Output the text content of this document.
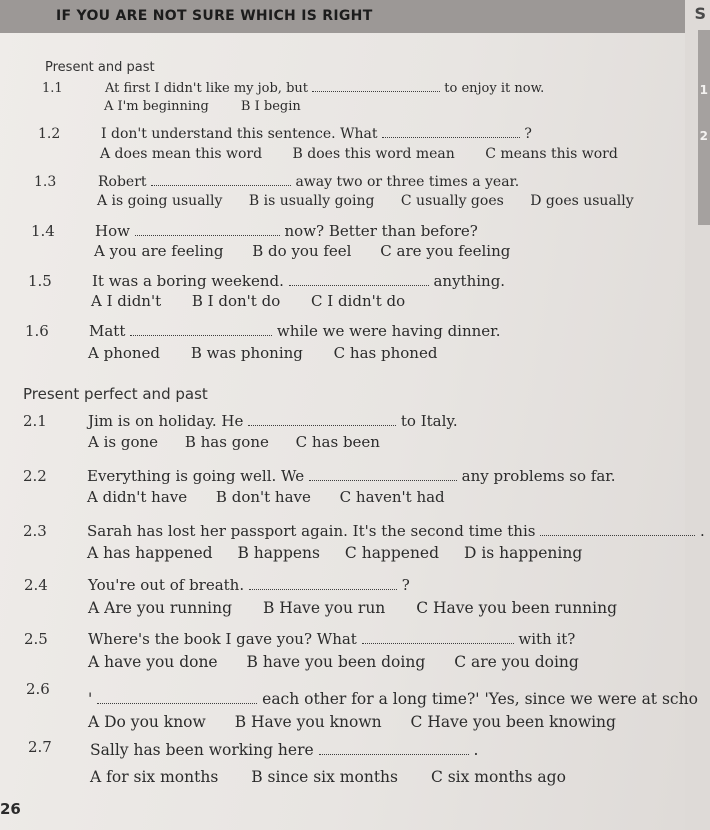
IF YOU ARE NOT SURE WHICH IS RIGHT	S
1
2
Present and past
1.1	At first I didn't like my job, but	to enjoy it now.
A I'm beginning B I begin
1.2	I don't understand this sentence. What	?
A does mean this word B does this word mean C means this word
1.3	Robert	away two or three times a year.
A is going usually B is usually going C usually goes D goes usually
1.4	How	now? Better than before?
A you are feeling B do you feel C are you feeling
1.5	It was a boring weekend.	anything.
A I didn't B I don't do C I didn't do
1.6	Matt	while we were having dinner.
A phoned B was phoning C has phoned
Present perfect and past
2.1	Jim is on holiday. He	to Italy.
A is gone B has gone C has been
2.2	Everything is going well. We	any problems so far.
A didn't have B don't have C haven't had
2.3	Sarah has lost her passport again. It's the second time this	.
A has happened B happens C happened D is happening
2.4	You're out of breath.	?
A Are you running B Have you run C Have you been running
2.5	Where's the book I gave you? What	with it?
A have you done B have you been doing C are you doing
2.6
'	each other for a long time?' 'Yes, since we were at scho
A Do you know B Have you known C Have you been knowing
2.7 Sally has been working here	.
A for six months B since six months C six months ago
26
